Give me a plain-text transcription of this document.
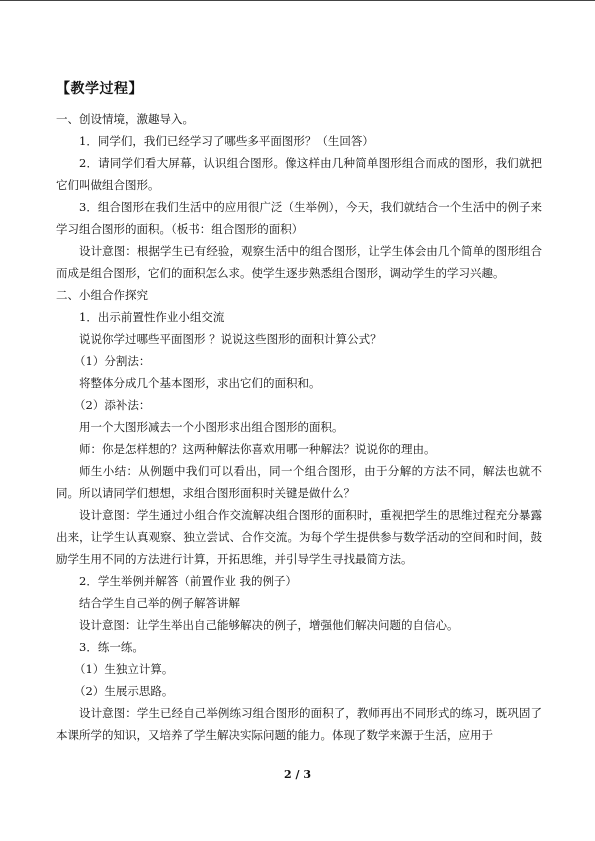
【教学过程】

一、创设情境，激趣导入。

1．同学们，我们已经学习了哪些多平面图形？（生回答）

2．请同学们看大屏幕，认识组合图形。像这样由几种简单图形组合而成的图形，我们就把它们叫做组合图形。

3．组合图形在我们生活中的应用很广泛（生举例），今天，我们就结合一个生活中的例子来学习组合图形的面积。（板书：组合图形的面积）

设计意图：根据学生已有经验，观察生活中的组合图形，让学生体会由几个简单的图形组合而成是组合图形，它们的面积怎么求。使学生逐步熟悉组合图形，调动学生的学习兴趣。

二、小组合作探究

1．出示前置性作业小组交流

说说你学过哪些平面图形 ？说说这些图形的面积计算公式？

（1）分割法：

将整体分成几个基本图形，求出它们的面积和。

（2）添补法：

用一个大图形减去一个小图形求出组合图形的面积。

师：你是怎样想的？这两种解法你喜欢用哪一种解法？说说你的理由。

师生小结：从例题中我们可以看出，同一个组合图形，由于分解的方法不同，解法也就不同。所以请同学们想想，求组合图形面积时关键是做什么？

设计意图：学生通过小组合作交流解决组合图形的面积时，重视把学生的思维过程充分暴露出来，让学生认真观察、独立尝试、合作交流。为每个学生提供参与数学活动的空间和时间，鼓励学生用不同的方法进行计算，开拓思维，并引导学生寻找最简方法。

2．学生举例并解答（前置作业 我的例子）

结合学生自己举的例子解答讲解

设计意图：让学生举出自己能够解决的例子，增强他们解决问题的自信心。

3．练一练。

（1）生独立计算。

（2）生展示思路。

设计意图：学生已经自己举例练习组合图形的面积了，教师再出不同形式的练习，既巩固了本课所学的知识，又培养了学生解决实际问题的能力。体现了数学来源于生活，应用于

2 / 3
